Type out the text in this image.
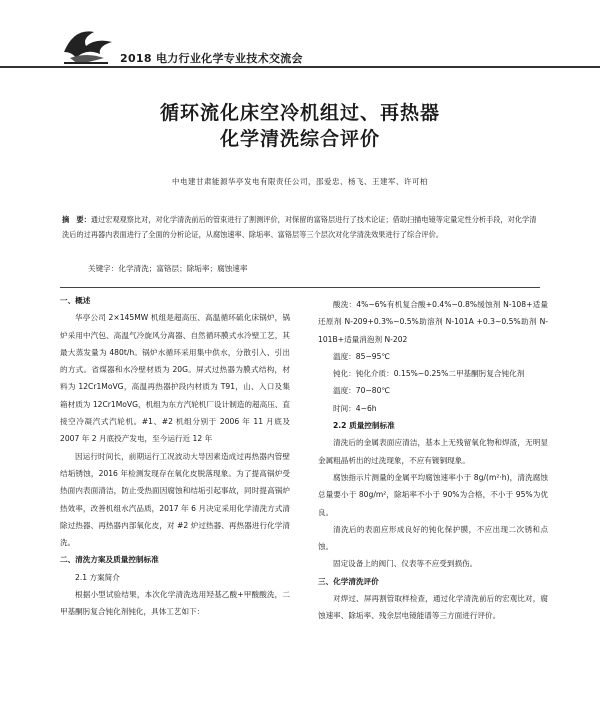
2018 电力行业化学专业技术交流会
循环流化床空冷机组过、再热器
化学清洗综合评价
中电建甘肃能源华亭发电有限责任公司，邵爱忠、杨飞、王建军、许可柏
摘　要：通过宏观观察比对，对化学清洗前后的管束进行了割测评价，对保留的富铬层进行了技术论证；借助扫描电镜等定量定性分析手段，对化学清洗后的过再器内表面进行了全面的分析论证，从腐蚀速率、除垢率、富铬层等三个层次对化学清洗效果进行了综合评价。
关键字：化学清洗；富铬层；除垢率；腐蚀速率

一、概述

华亭公司 2×145MW 机组是超高压、高温循环硫化床锅炉，锅炉采用中汽包、高温气冷旋风分离器、自然循环膜式水冷壁工艺，其最大蒸发量为 480t/h。锅炉水循环采用集中供水，分散引入、引出的方式。省煤器和水冷壁材质为 20G。屏式过热器为膜式结构，材料为 12Cr1MoVG，高温再热器护段内材质为 T91，山、入口及集箱材质为 12Cr1MoVG，机组为东方汽轮机厂设计制造的超高压、直接空冷凝汽式汽轮机。#1、#2 机组分别于 2006 年 11 月底及 2007 年 2 月底投产发电，至今运行近 12 年

因运行时间长，前期运行工况波动大导因素造成过再热器内管壁结垢锈蚀，2016 年检测发现存在氧化皮脱落现象。为了提高锅炉受热面内表面清洁，防止受热面因腐蚀和结垢引起事故，同时提高锅炉热效率，改善机组水汽品质，2017 年 6 月决定采用化学清洗方式清除过热器、再热器内部氧化皮，对 #2 炉过热器、再热器进行化学清洗。

二、清洗方案及质量控制标准

2.1 方案简介

根据小型试验结果，本次化学清洗选用羟基乙酸+甲酸酸洗，二甲基酮肟复合钝化剂钝化，具体工艺如下：

酸洗：4%~6%有机复合酸+0.4%~0.8%缓蚀剂 N-108+适量还原剂 N-209+0.3%~0.5%助溶剂 N-101A +0.3~0.5%助剂 N-101B+适量消泡剂 N-202

温度：85~95℃

钝化：钝化介质：0.15%~0.25%二甲基酮肟复合钝化剂

温度：70~80℃

时间：4~6h

2.2 质量控制标准

清洗后的金属表面应清洁，基本上无残留氧化物和焊渣，无明显金属粗晶析出的过洗现象，不应有镀铜现象。

腐蚀指示片测量的金属平均腐蚀速率小于 8g/(m²·h)，清洗腐蚀总量要小于 80g/m²，除垢率不小于 90%为合格，不小于 95%为优良。

清洗后的表面应形成良好的钝化保护膜，不应出现二次锈和点蚀。

固定设备上的阀门、仪表等不应受到损伤。

三、化学清洗评价

对焊过、屏再割管取样检查，通过化学清洗前后的宏观比对，腐蚀速率、除垢率、残余层电镜能谱等三方面进行评价。
